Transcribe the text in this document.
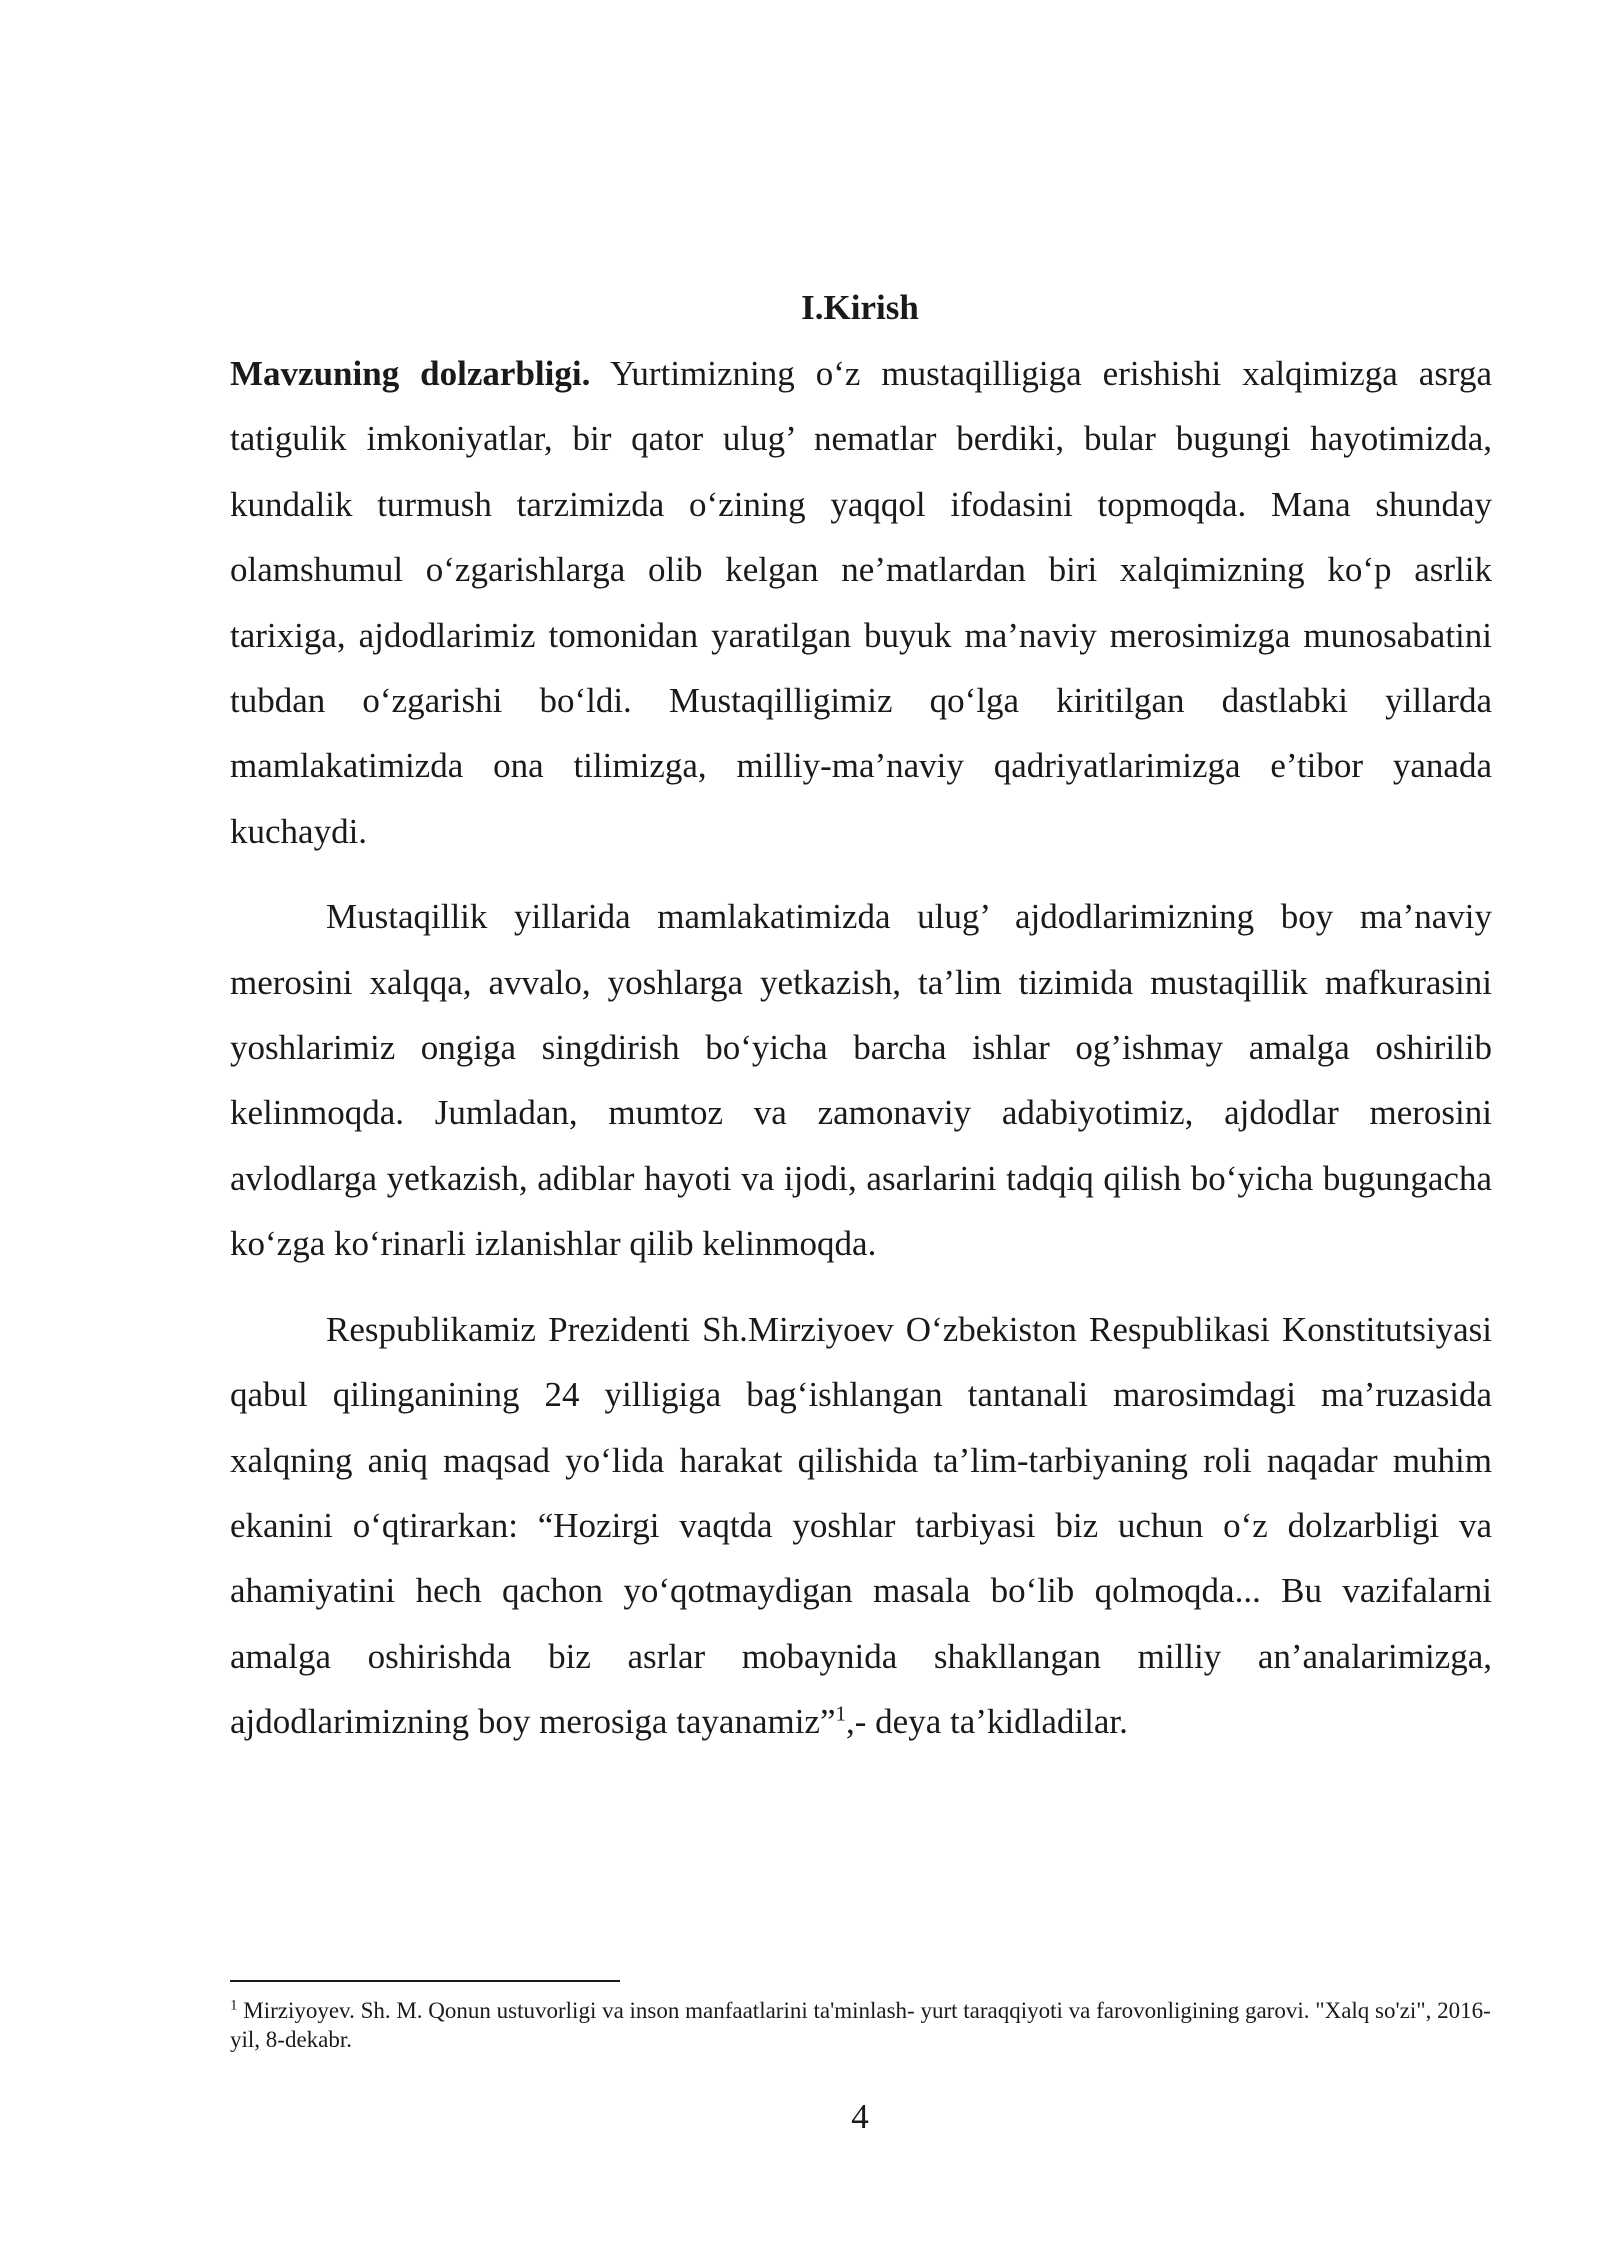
I.Kirish

Mavzuning dolzarbligi. Yurtimizning o‘z mustaqilligiga erishishi xalqimizga asrga tatigulik imkoniyatlar, bir qator ulug’ nematlar berdiki, bular bugungi hayotimizda, kundalik turmush tarzimizda o‘zining yaqqol ifodasini topmoqda. Mana shunday olamshumul o‘zgarishlarga olib kelgan ne’matlardan biri xalqimizning ko‘p asrlik tarixiga, ajdodlarimiz tomonidan yaratilgan buyuk ma’naviy merosimizga munosabatini tubdan o‘zgarishi bo‘ldi. Mustaqilligimiz qo‘lga kiritilgan dastlabki yillarda mamlakatimizda ona tilimizga, milliy-ma’naviy qadriyatlarimizga e’tibor yanada kuchaydi.

Mustaqillik yillarida mamlakatimizda ulug’ ajdodlarimizning boy ma’naviy merosini xalqqa, avvalo, yoshlarga yetkazish, ta’lim tizimida mustaqillik mafkurasini yoshlarimiz ongiga singdirish bo‘yicha barcha ishlar og’ishmay amalga oshirilib kelinmoqda. Jumladan, mumtoz va zamonaviy adabiyotimiz, ajdodlar merosini avlodlarga yetkazish, adiblar hayoti va ijodi, asarlarini tadqiq qilish bo‘yicha bugungacha ko‘zga ko‘rinarli izlanishlar qilib kelinmoqda.

Respublikamiz Prezidenti Sh.Mirziyoev O‘zbekiston Respublikasi Konstitutsiyasi qabul qilinganining 24 yilligiga bag‘ishlangan tantanali marosimdagi ma’ruzasida xalqning aniq maqsad yo‘lida harakat qilishida ta’lim-tarbiyaning roli naqadar muhim ekanini o‘qtirarkan: “Hozirgi vaqtda yoshlar tarbiyasi biz uchun o‘z dolzarbligi va ahamiyatini hech qachon yo‘qotmaydigan masala bo‘lib qolmoqda... Bu vazifalarni amalga oshirishda biz asrlar mobaynida shakllangan milliy an’analarimizga, ajdodlarimizning boy merosiga tayanamiz”$^1$,- deya ta’kidladilar.

$^1$ Mirziyoyev. Sh. M. Qonun ustuvorligi va inson manfaatlarini ta'minlash- yurt taraqqiyoti va farovonligining garovi. "Xalq so'zi", 2016-yil, 8-dekabr.

4
